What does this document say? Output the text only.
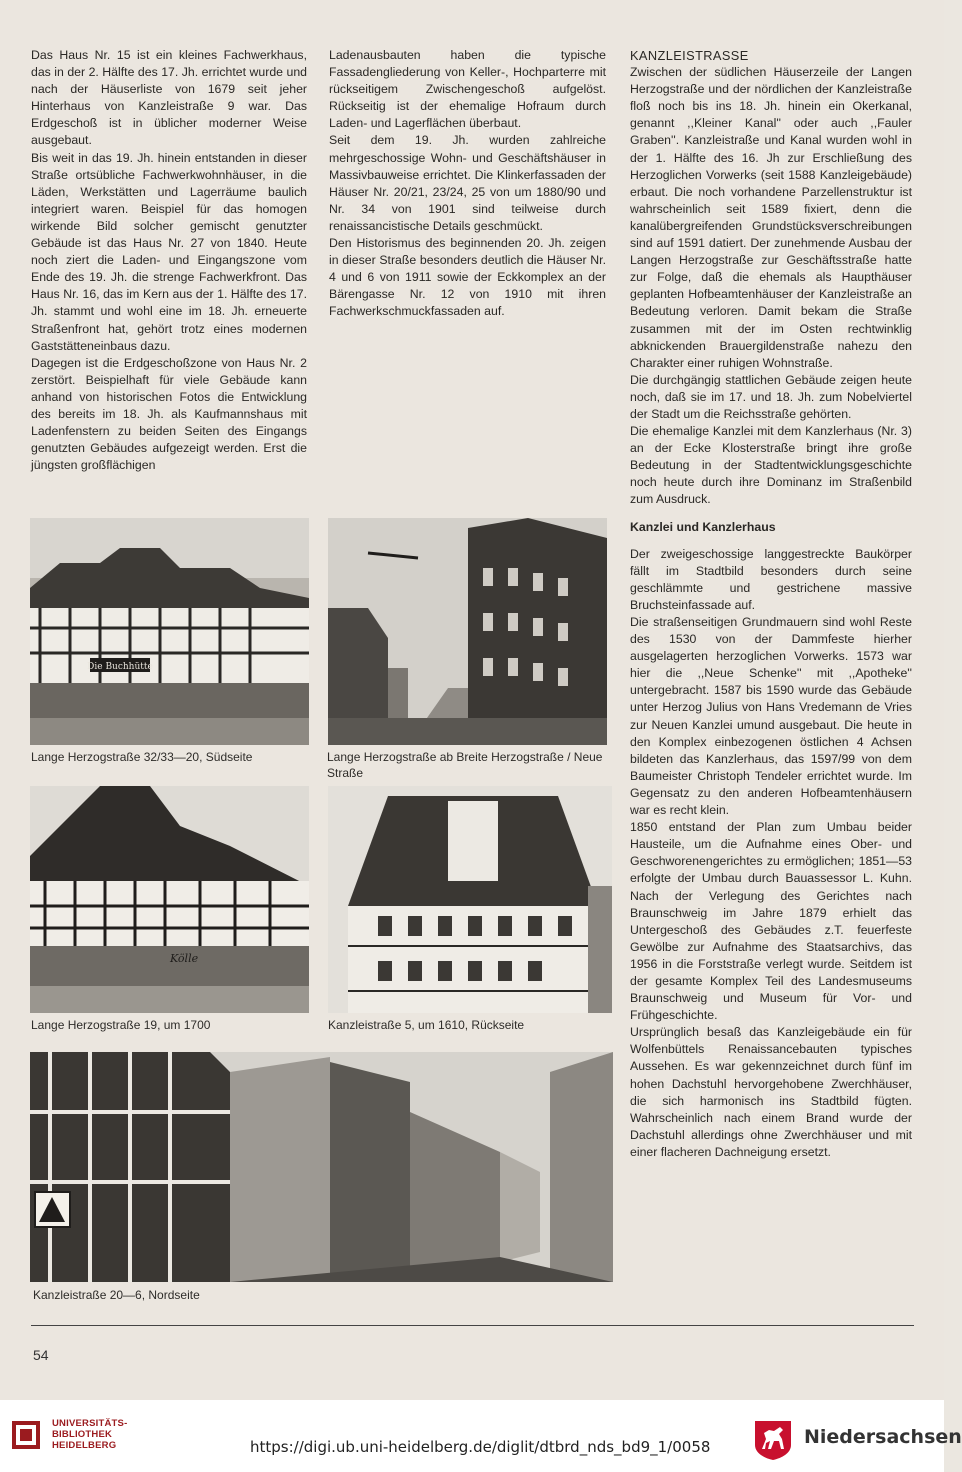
Das Haus Nr. 15 ist ein kleines Fachwerkhaus, das in der 2. Hälfte des 17. Jh. errichtet wurde und nach der Häuserliste von 1679 seit jeher Hinterhaus von Kanzleistraße 9 war. Das Erdgeschoß ist in üblicher moderner Weise ausgebaut.

Bis weit in das 19. Jh. hinein entstanden in dieser Straße ortsübliche Fachwerkwohnhäuser, in die Läden, Werkstätten und Lagerräume baulich integriert waren. Beispiel für das homogen wirkende Bild solcher gemischt genutzter Gebäude ist das Haus Nr. 27 von 1840. Heute noch ziert die Laden- und Eingangszone vom Ende des 19. Jh. die strenge Fachwerkfront. Das Haus Nr. 16, das im Kern aus der 1. Hälfte des 17. Jh. stammt und wohl eine im 18. Jh. erneuerte Straßenfront hat, gehört trotz eines modernen Gaststätteneinbaus dazu.

Dagegen ist die Erdgeschoßzone von Haus Nr. 2 zerstört. Beispielhaft für viele Gebäude kann anhand von historischen Fotos die Entwicklung des bereits im 18. Jh. als Kaufmannshaus mit Ladenfenstern zu beiden Seiten des Eingangs genutzten Gebäudes aufgezeigt werden. Erst die jüngsten großflächigen

Ladenausbauten haben die typische Fassadengliederung von Keller-, Hochparterre mit rückseitigem Zwischengeschoß aufgelöst. Rückseitig ist der ehemalige Hofraum durch Laden- und Lagerflächen überbaut.

Seit dem 19. Jh. wurden zahlreiche mehrgeschossige Wohn- und Geschäftshäuser in Massivbauweise errichtet. Die Klinkerfassaden der Häuser Nr. 20/21, 23/24, 25 von um 1880/90 und Nr. 34 von 1901 sind teilweise durch renaissancistische Details geschmückt.

Den Historismus des beginnenden 20. Jh. zeigen in dieser Straße besonders deutlich die Häuser Nr. 4 und 6 von 1911 sowie der Eckkomplex an der Bärengasse Nr. 12 von 1910 mit ihren Fachwerkschmuckfassaden auf.

KANZLEISTRASSE

Zwischen der südlichen Häuserzeile der Langen Herzogstraße und der nördlichen der Kanzleistraße floß noch bis ins 18. Jh. hinein ein Okerkanal, genannt ,,Kleiner Kanal'' oder auch ,,Fauler Graben''. Kanzleistraße und Kanal wurden wohl in der 1. Hälfte des 16. Jh zur Erschließung des Herzoglichen Vorwerks (seit 1588 Kanzleigebäude) erbaut. Die noch vorhandene Parzellenstruktur ist wahrscheinlich seit 1589 fixiert, denn die kanalübergreifenden Grundstücksverschreibungen sind auf 1591 datiert. Der zunehmende Ausbau der Langen Herzogstraße zur Geschäftsstraße hatte zur Folge, daß die ehemals als Haupthäuser geplanten Hofbeamtenhäuser der Kanzleistraße an Bedeutung verloren. Damit bekam die Straße zusammen mit der im Osten rechtwinklig abknickenden Brauergildenstraße nahezu den Charakter einer ruhigen Wohnstraße.

Die durchgängig stattlichen Gebäude zeigen heute noch, daß sie im 17. und 18. Jh. zum Nobelviertel der Stadt um die Reichsstraße gehörten.

Die ehemalige Kanzlei mit dem Kanzlerhaus (Nr. 3) an der Ecke Klosterstraße bringt ihre große Bedeutung in der Stadtentwicklungsgeschichte noch heute durch ihre Dominanz im Straßenbild zum Ausdruck.

Kanzlei und Kanzlerhaus

Der zweigeschossige langgestreckte Baukörper fällt im Stadtbild besonders durch seine geschlämmte und gestrichene massive Bruchsteinfassade auf.

Die straßenseitigen Grundmauern sind wohl Reste des 1530 von der Dammfeste hierher ausgelagerten herzoglichen Vorwerks. 1573 war hier die ,,Neue Schenke'' mit ,,Apotheke'' untergebracht. 1587 bis 1590 wurde das Gebäude unter Herzog Julius von Hans Vredemann de Vries zur Neuen Kanzlei umund ausgebaut. Die heute in den Komplex einbezogenen östlichen 4 Achsen bildeten das Kanzlerhaus, das 1597/99 von dem Baumeister Christoph Tendeler errichtet wurde. Im Gegensatz zu den anderen Hofbeamtenhäusern war es recht klein.

1850 entstand der Plan zum Umbau beider Hausteile, um die Aufnahme eines Ober- und Geschworenengerichtes zu ermöglichen; 1851—53 erfolgte der Umbau durch Bauassessor L. Kuhn. Nach der Verlegung des Gerichtes nach Braunschweig im Jahre 1879 erhielt das Untergeschoß des Gebäudes z.T. feuerfeste Gewölbe zur Aufnahme des Staatsarchivs, das 1956 in die Forststraße verlegt wurde. Seitdem ist der gesamte Komplex Teil des Landesmuseums Braunschweig und Museum für Vor- und Frühgeschichte.

Ursprünglich besaß das Kanzleigebäude ein für Wolfenbüttels Renaissancebauten typisches Aussehen. Es war gekennzeichnet durch fünf im hohen Dachstuhl hervorgehobene Zwerchhäuser, die sich harmonisch ins Stadtbild fügten. Wahrscheinlich nach einem Brand wurde der Dachstuhl allerdings ohne Zwerchhäuser und mit einer flacheren Dachneigung ersetzt.

Die Buchhütte
Lange Herzogstraße 32/33—20, Südseite	Lange Herzogstraße ab Breite Herzogstraße / Neue Straße
Kölle
Lange Herzogstraße 19, um 1700	Kanzleistraße 5, um 1610, Rückseite
Kanzleistraße 20—6, Nordseite
54
UNIVERSITÄTS-
BIBLIOTHEK
HEIDELBERG	https://digi.ub.uni-heidelberg.de/diglit/dtbrd_nds_bd9_1/0058	Niedersachsen
